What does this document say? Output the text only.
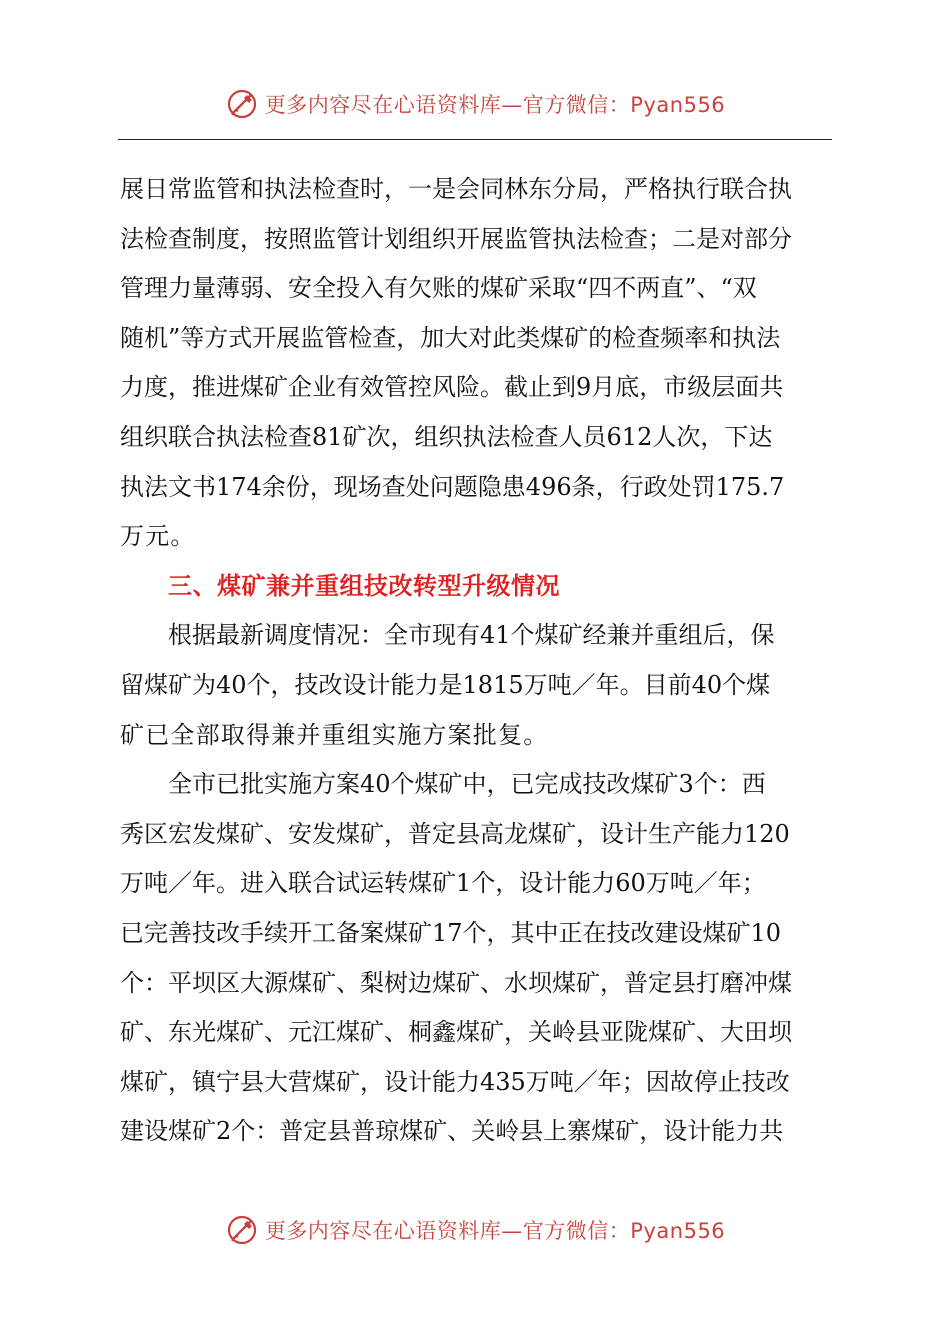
更多内容尽在心语资料库—官方微信：Pyan556
展日常监管和执法检查时，一是会同林东分局，严格执行联合执
法检查制度，按照监管计划组织开展监管执法检查；二是对部分
管理力量薄弱、安全投入有欠账的煤矿采取“四不两直”、“双
随机”等方式开展监管检查，加大对此类煤矿的检查频率和执法
力度，推进煤矿企业有效管控风险。截止到9月底，市级层面共
组织联合执法检查81矿次，组织执法检查人员612人次，下达
执法文书174余份，现场查处问题隐患496条，行政处罚175.7
万元。
三、煤矿兼并重组技改转型升级情况
根据最新调度情况：全市现有41个煤矿经兼并重组后，保
留煤矿为40个，技改设计能力是1815万吨／年。目前40个煤
矿已全部取得兼并重组实施方案批复。
全市已批实施方案40个煤矿中，已完成技改煤矿3个：西
秀区宏发煤矿、安发煤矿，普定县高龙煤矿，设计生产能力120
万吨／年。进入联合试运转煤矿1个，设计能力60万吨／年；
已完善技改手续开工备案煤矿17个，其中正在技改建设煤矿10
个：平坝区大源煤矿、梨树边煤矿、水坝煤矿，普定县打磨冲煤
矿、东光煤矿、元江煤矿、桐鑫煤矿，关岭县亚陇煤矿、大田坝
煤矿，镇宁县大营煤矿，设计能力435万吨／年；因故停止技改
建设煤矿2个：普定县普琼煤矿、关岭县上寨煤矿，设计能力共
更多内容尽在心语资料库—官方微信：Pyan556
